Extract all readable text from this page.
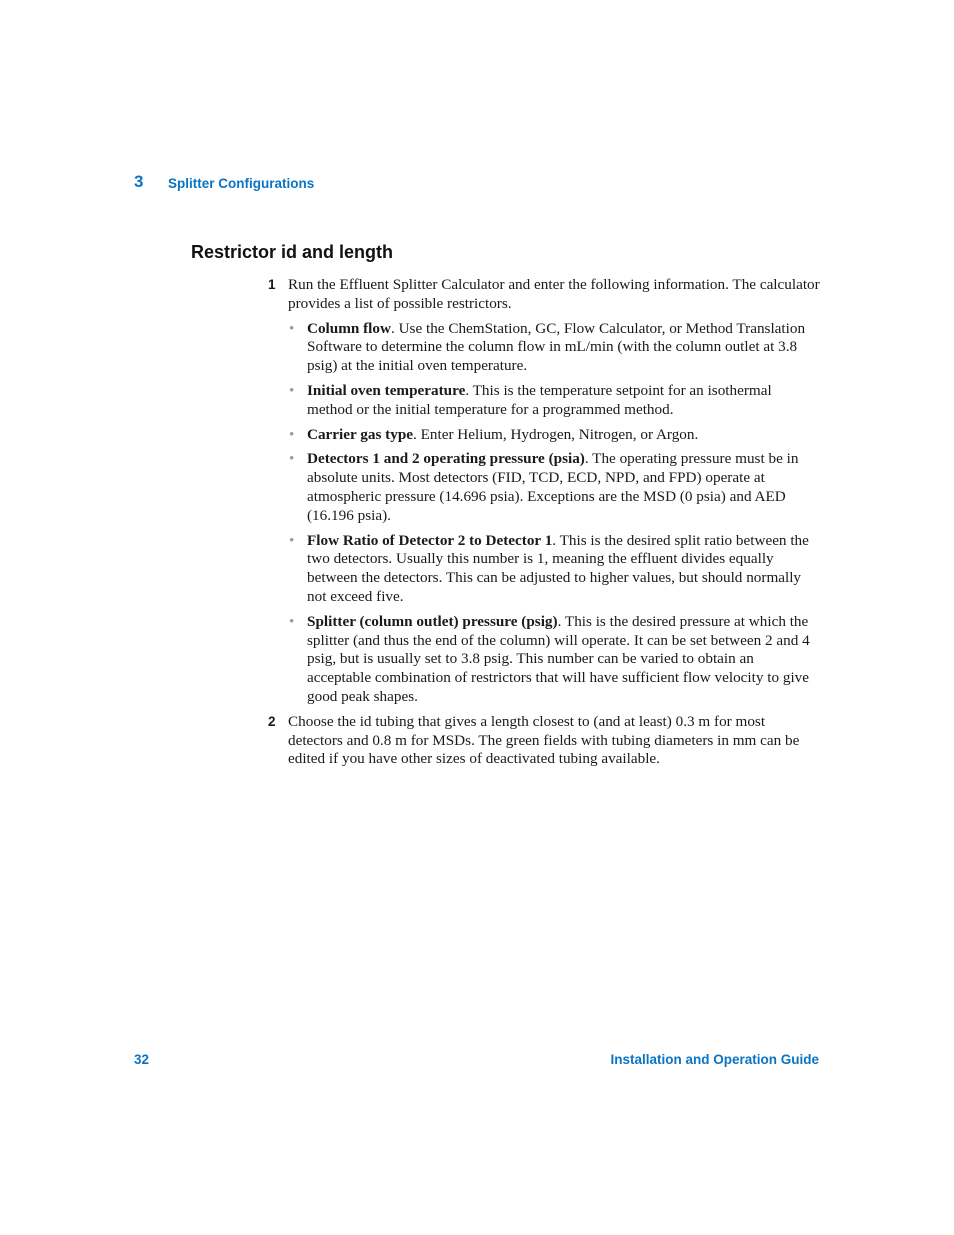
3 Splitter Configurations
Restrictor id and length
1 Run the Effluent Splitter Calculator and enter the following information. The calculator provides a list of possible restrictors.
• Column flow. Use the ChemStation, GC, Flow Calculator, or Method Translation Software to determine the column flow in mL/min (with the column outlet at 3.8 psig) at the initial oven temperature.
• Initial oven temperature. This is the temperature setpoint for an isothermal method or the initial temperature for a programmed method.
• Carrier gas type. Enter Helium, Hydrogen, Nitrogen, or Argon.
• Detectors 1 and 2 operating pressure (psia). The operating pressure must be in absolute units. Most detectors (FID, TCD, ECD, NPD, and FPD) operate at atmospheric pressure (14.696 psia). Exceptions are the MSD (0 psia) and AED (16.196 psia).
• Flow Ratio of Detector 2 to Detector 1. This is the desired split ratio between the two detectors. Usually this number is 1, meaning the effluent divides equally between the detectors. This can be adjusted to higher values, but should normally not exceed five.
• Splitter (column outlet) pressure (psig). This is the desired pressure at which the splitter (and thus the end of the column) will operate. It can be set between 2 and 4 psig, but is usually set to 3.8 psig. This number can be varied to obtain an acceptable combination of restrictors that will have sufficient flow velocity to give good peak shapes.
2 Choose the id tubing that gives a length closest to (and at least) 0.3 m for most detectors and 0.8 m for MSDs. The green fields with tubing diameters in mm can be edited if you have other sizes of deactivated tubing available.
32	Installation and Operation Guide
